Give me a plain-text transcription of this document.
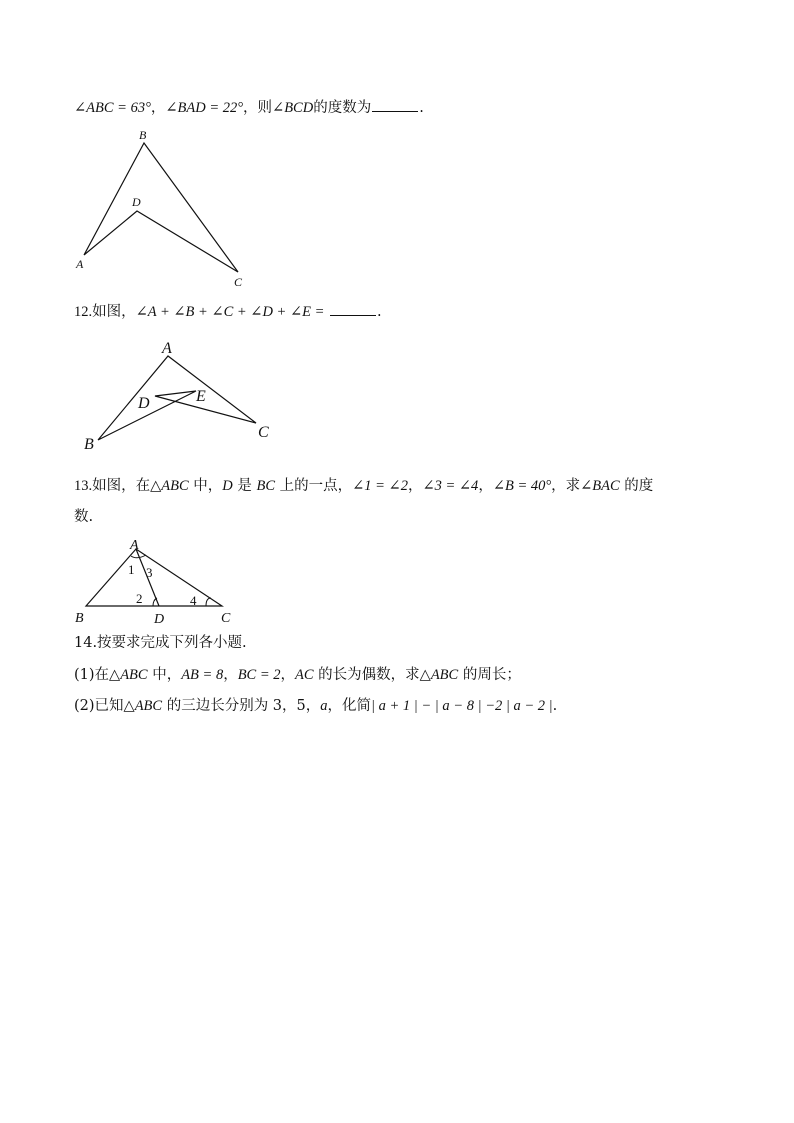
∠ABC = 63°，∠BAD = 22°，则∠BCD的度数为	.
B
D
A
C
12.如图，∠A + ∠B + ∠C + ∠D + ∠E =	.
A
D	E
B
C
13.如图，在△ABC 中，D 是 BC 上的一点，∠1 = ∠2，∠3 = ∠4，∠B = 40°，求∠BAC 的度
数.
A
1 3
2	4
B	D	C
14.按要求完成下列各小题.
(1)在△ABC 中，AB = 8，BC = 2，AC 的长为偶数，求△ABC 的周长；
(2)已知△ABC 的三边长分别为 3，5，a，化简| a + 1 | − | a − 8 | −2 | a − 2 |.
